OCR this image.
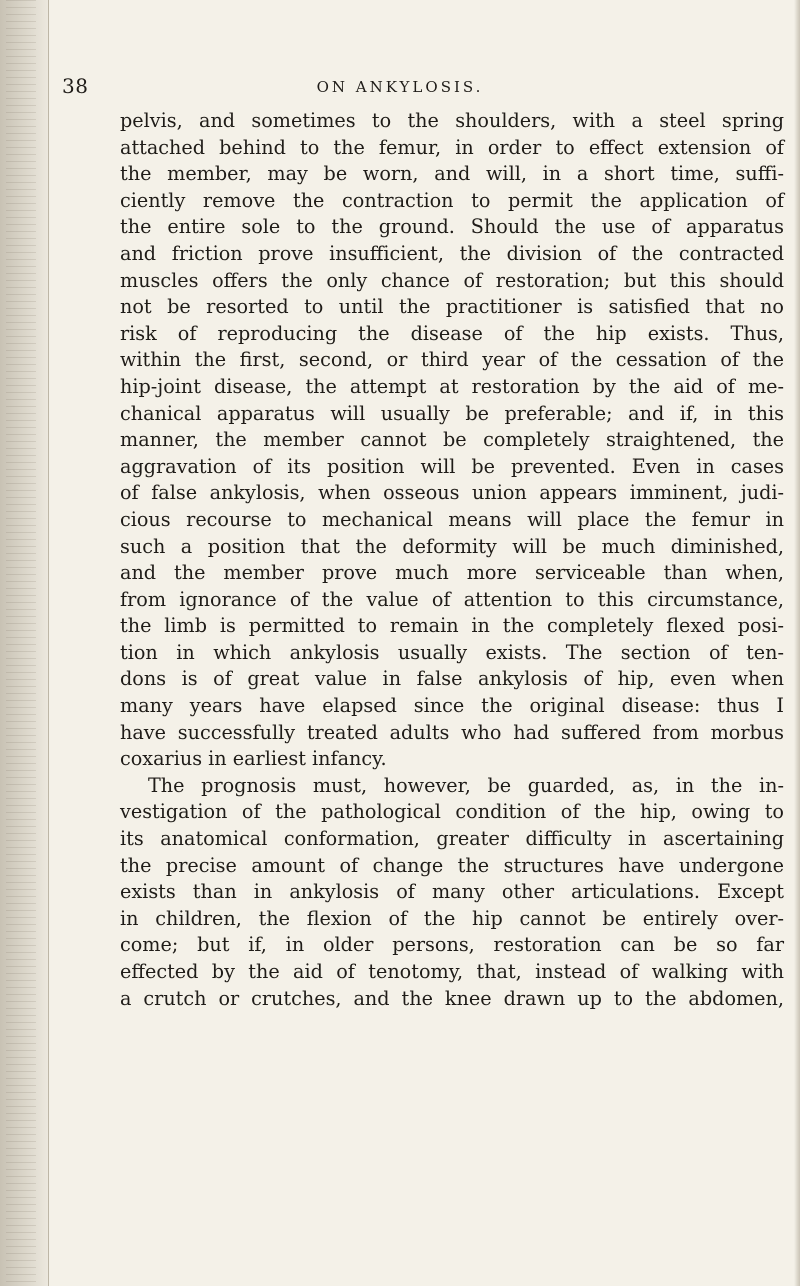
38	ON ANKYLOSIS.
pelvis, and sometimes to the shoulders, with a steel spring
attached behind to the femur, in order to effect extension of
the member, may be worn, and will, in a short time, suffi-
ciently remove the contraction to permit the application of
the entire sole to the ground. Should the use of apparatus
and friction prove insufficient, the division of the contracted
muscles offers the only chance of restoration; but this should
not be resorted to until the practitioner is satisfied that no
risk of reproducing the disease of the hip exists. Thus,
within the first, second, or third year of the cessation of the
hip-joint disease, the attempt at restoration by the aid of me-
chanical apparatus will usually be preferable; and if, in this
manner, the member cannot be completely straightened, the
aggravation of its position will be prevented. Even in cases
of false ankylosis, when osseous union appears imminent, judi-
cious recourse to mechanical means will place the femur in
such a position that the deformity will be much diminished,
and the member prove much more serviceable than when,
from ignorance of the value of attention to this circumstance,
the limb is permitted to remain in the completely flexed posi-
tion in which ankylosis usually exists. The section of ten-
dons is of great value in false ankylosis of hip, even when
many years have elapsed since the original disease: thus I
have successfully treated adults who had suffered from morbus
coxarius in earliest infancy.
The prognosis must, however, be guarded, as, in the in-
vestigation of the pathological condition of the hip, owing to
its anatomical conformation, greater difficulty in ascertaining
the precise amount of change the structures have undergone
exists than in ankylosis of many other articulations. Except
in children, the flexion of the hip cannot be entirely over-
come; but if, in older persons, restoration can be so far
effected by the aid of tenotomy, that, instead of walking with
a crutch or crutches, and the knee drawn up to the abdomen,
